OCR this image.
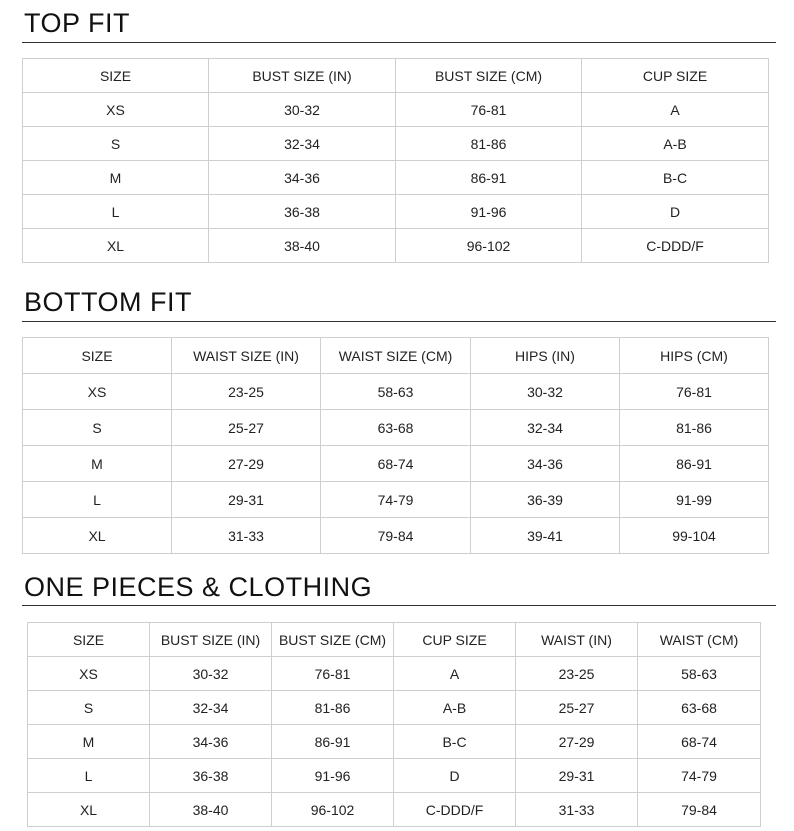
TOP FIT
SIZE	BUST SIZE (IN)	BUST SIZE (CM)	CUP SIZE
XS	30-32	76-81	A
S	32-34	81-86	A-B
M	34-36	86-91	B-C
L	36-38	91-96	D
XL	38-40	96-102	C-DDD/F
BOTTOM FIT
SIZE	WAIST SIZE (IN)	WAIST SIZE (CM)	HIPS (IN)	HIPS (CM)
XS	23-25	58-63	30-32	76-81
S	25-27	63-68	32-34	81-86
M	27-29	68-74	34-36	86-91
L	29-31	74-79	36-39	91-99
XL	31-33	79-84	39-41	99-104
ONE PIECES & CLOTHING
SIZE	BUST SIZE (IN)	BUST SIZE (CM)	CUP SIZE	WAIST (IN)	WAIST (CM)
XS	30-32	76-81	A	23-25	58-63
S	32-34	81-86	A-B	25-27	63-68
M	34-36	86-91	B-C	27-29	68-74
L	36-38	91-96	D	29-31	74-79
XL	38-40	96-102	C-DDD/F	31-33	79-84
